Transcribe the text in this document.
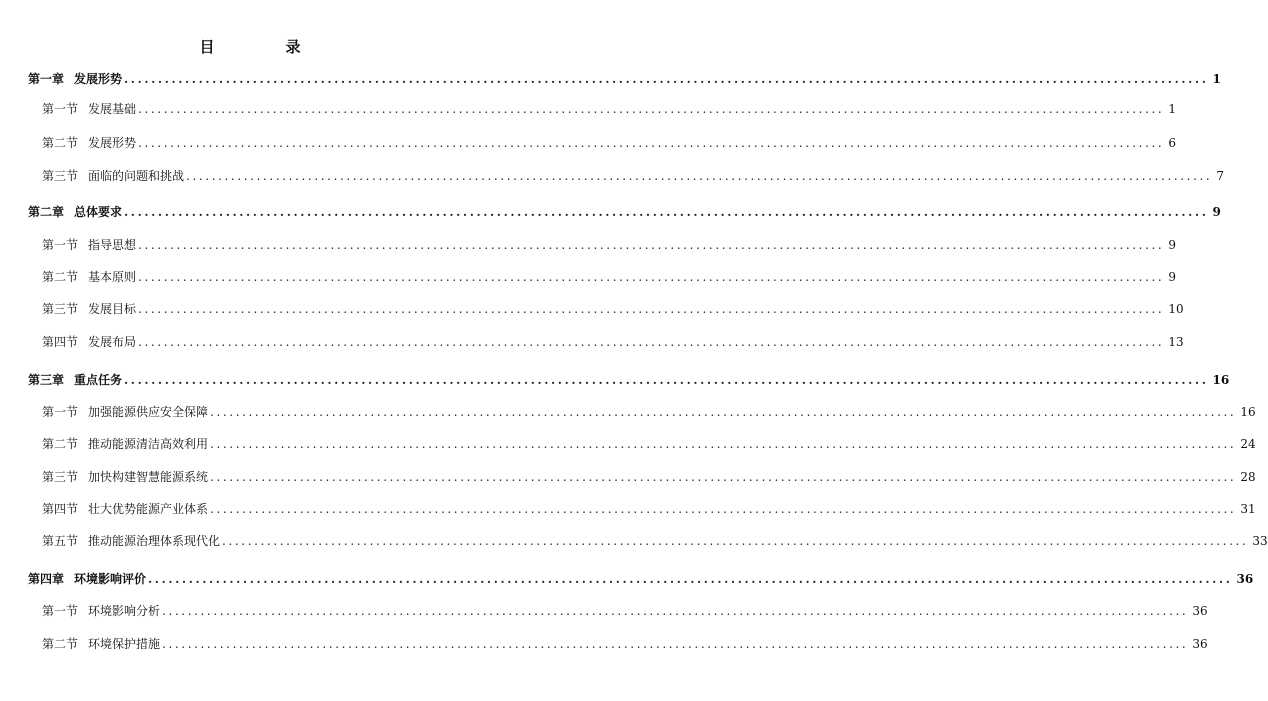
目　录
第一章 发展形势 ................................................................................................................................................................ 1
第一节 发展基础 ................................................................................................................................................................ 1
第二节 发展形势 ................................................................................................................................................................ 6
第三节 面临的问题和挑战 ................................................................................................................................................................ 7
第二章 总体要求 ................................................................................................................................................................ 9
第一节 指导思想 ................................................................................................................................................................ 9
第二节 基本原则 ................................................................................................................................................................ 9
第三节 发展目标 ................................................................................................................................................................ 10
第四节 发展布局 ................................................................................................................................................................ 13
第三章 重点任务 ................................................................................................................................................................ 16
第一节 加强能源供应安全保障 ................................................................................................................................................................ 16
第二节 推动能源清洁高效利用 ................................................................................................................................................................ 24
第三节 加快构建智慧能源系统 ................................................................................................................................................................ 28
第四节 壮大优势能源产业体系 ................................................................................................................................................................ 31
第五节 推动能源治理体系现代化 ................................................................................................................................................................ 33
第四章 环境影响评价 ................................................................................................................................................................ 36
第一节 环境影响分析 ................................................................................................................................................................ 36
第二节 环境保护措施 ................................................................................................................................................................ 36
